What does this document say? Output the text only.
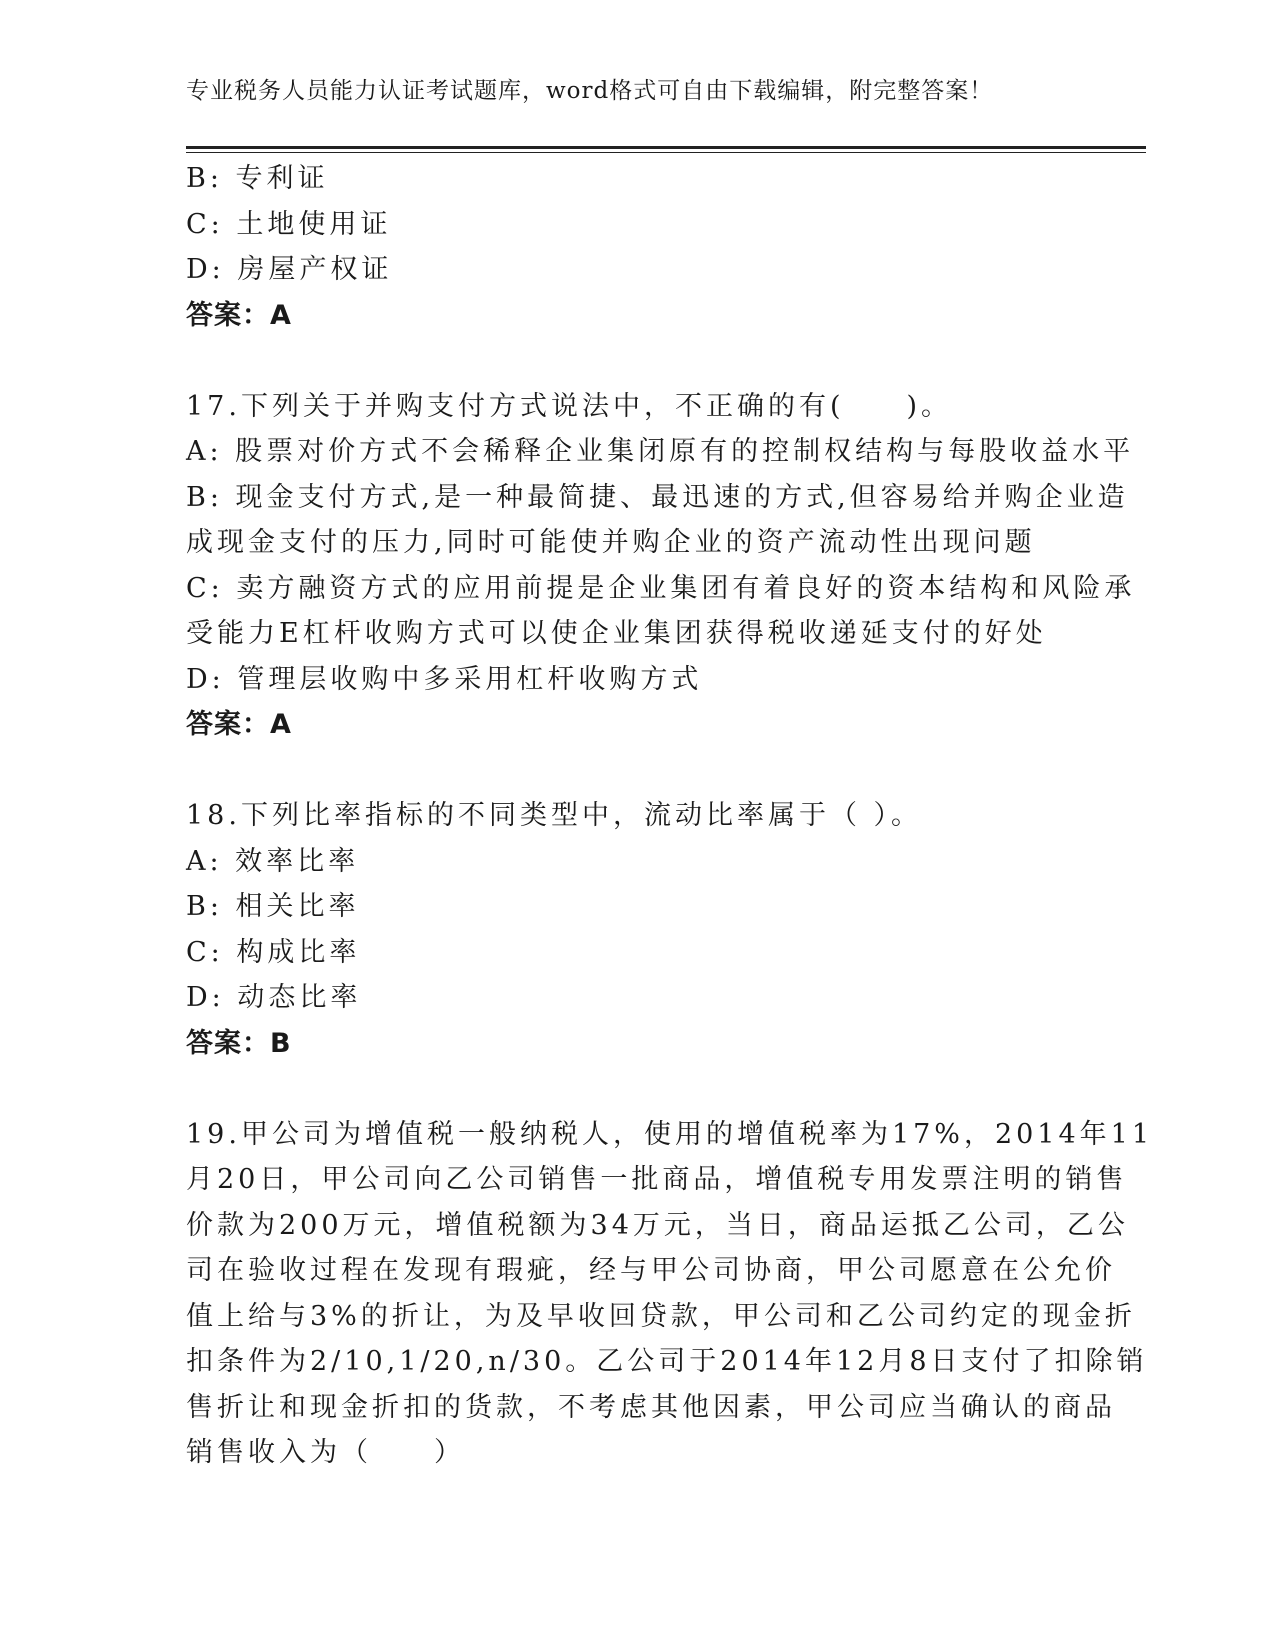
专业税务人员能力认证考试题库，word格式可自由下载编辑，附完整答案！
B: 专利证
C: 土地使用证
D: 房屋产权证
答案：A
17.下列关于并购支付方式说法中，不正确的有(　　)。
A: 股票对价方式不会稀释企业集闭原有的控制权结构与每股收益水平
B: 现金支付方式,是一种最简捷、最迅速的方式,但容易给并购企业造
成现金支付的压力,同时可能使并购企业的资产流动性出现问题
C: 卖方融资方式的应用前提是企业集团有着良好的资本结构和风险承
受能力E杠杆收购方式可以使企业集团获得税收递延支付的好处
D: 管理层收购中多采用杠杆收购方式
答案：A
18.下列比率指标的不同类型中，流动比率属于（ ）。
A: 效率比率
B: 相关比率
C: 构成比率
D: 动态比率
答案：B
19.甲公司为增值税一般纳税人，使用的增值税率为17%，2014年11
月20日，甲公司向乙公司销售一批商品，增值税专用发票注明的销售
价款为200万元，增值税额为34万元，当日，商品运抵乙公司，乙公
司在验收过程在发现有瑕疵，经与甲公司协商，甲公司愿意在公允价
值上给与3%的折让，为及早收回贷款，甲公司和乙公司约定的现金折
扣条件为2/10,1/20,n/30。乙公司于2014年12月8日支付了扣除销
售折让和现金折扣的货款，不考虑其他因素，甲公司应当确认的商品
销售收入为（　　）
